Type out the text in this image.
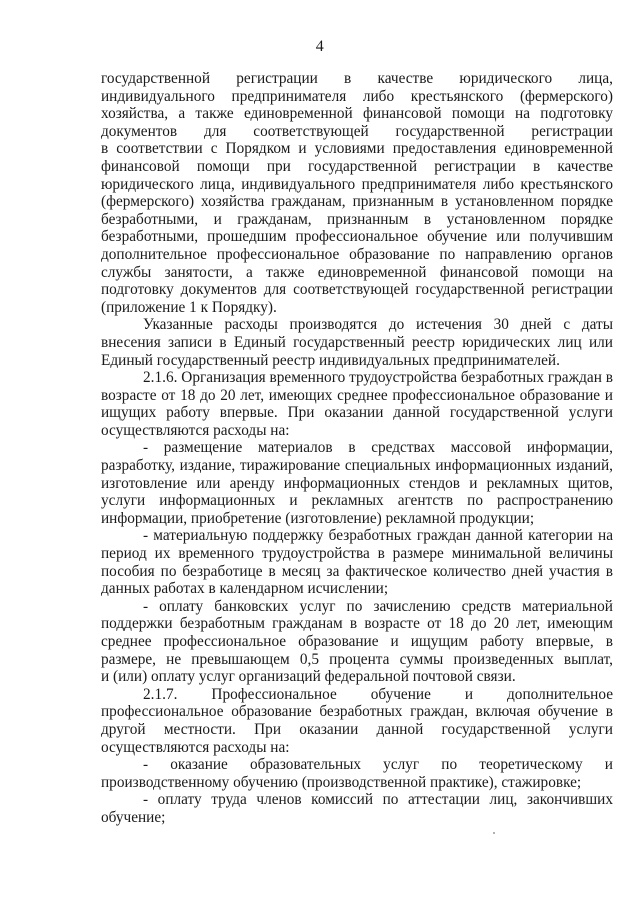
4

государственной регистрации в качестве юридического лица,
индивидуального предпринимателя либо крестьянского (фермерского)
хозяйства, а также единовременной финансовой помощи на подготовку
документов для соответствующей государственной регистрации
в соответствии с Порядком и условиями предоставления единовременной
финансовой помощи при государственной регистрации в качестве
юридического лица, индивидуального предпринимателя либо крестьянского
(фермерского) хозяйства гражданам, признанным в установленном порядке
безработными, и гражданам, признанным в установленном порядке
безработными, прошедшим профессиональное обучение или получившим
дополнительное профессиональное образование по направлению органов
службы занятости, а также единовременной финансовой помощи на
подготовку документов для соответствующей государственной регистрации
(приложение 1 к Порядку).

Указанные расходы производятся до истечения 30 дней с даты
внесения записи в Единый государственный реестр юридических лиц или
Единый государственный реестр индивидуальных предпринимателей.

2.1.6. Организация временного трудоустройства безработных граждан в
возрасте от 18 до 20 лет, имеющих среднее профессиональное образование и
ищущих работу впервые. При оказании данной государственной услуги
осуществляются расходы на:

- размещение материалов в средствах массовой информации,
разработку, издание, тиражирование специальных информационных изданий,
изготовление или аренду информационных стендов и рекламных щитов,
услуги информационных и рекламных агентств по распространению
информации, приобретение (изготовление) рекламной продукции;

- материальную поддержку безработных граждан данной категории на
период их временного трудоустройства в размере минимальной величины
пособия по безработице в месяц за фактическое количество дней участия в
данных работах в календарном исчислении;

- оплату банковских услуг по зачислению средств материальной
поддержки безработным гражданам в возрасте от 18 до 20 лет, имеющим
среднее профессиональное образование и ищущим работу впервые, в
размере, не превышающем 0,5 процента суммы произведенных выплат,
и (или) оплату услуг организаций федеральной почтовой связи.

2.1.7. Профессиональное обучение и дополнительное
профессиональное образование безработных граждан, включая обучение в
другой местности. При оказании данной государственной услуги
осуществляются расходы на:

- оказание образовательных услуг по теоретическому и
производственному обучению (производственной практике), стажировке;

- оплату труда членов комиссий по аттестации лиц, закончивших
обучение;
